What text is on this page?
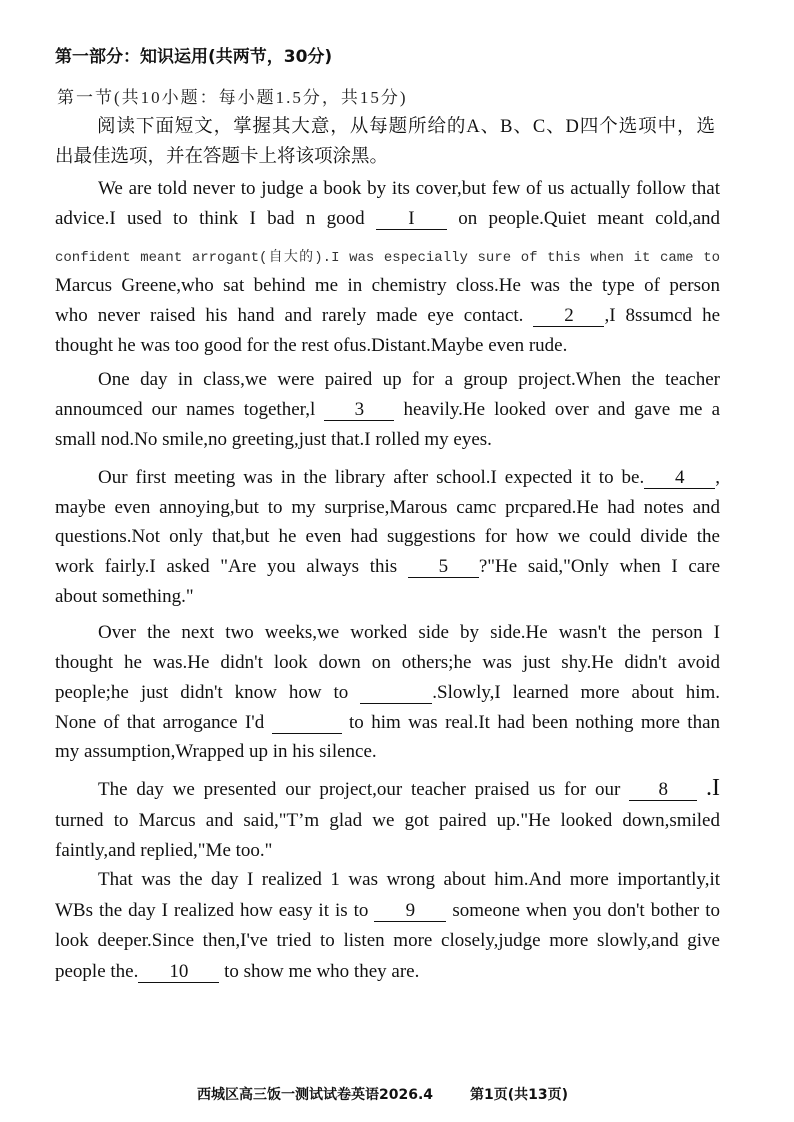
第一部分：知识运用(共两节，30分)
第一节(共10小题：每小题1.5分，共15分)
阅读下面短文，掌握其大意，从每题所给的A、B、C、D四个选项中，选
出最佳选项，并在答题卡上将该项涂黑。
We are told never to judge a book by its cover,but few of us actually follow that
advice.I used to think I bad n good I on people.Quiet meant cold,and
confident meant arrogant(自大的).I was especially sure of this when it came to
Marcus Greene,who sat behind me in chemistry closs.He was the type of person
who never raised his hand and rarely made eye contact. 2 ,I 8ssumcd he
thought he was too good for the rest ofus.Distant.Maybe even rude.
One day in class,we were paired up for a group project.When the teacher
annoumced our names together,l 3 heavily.He looked over and gave me a
small nod.No smile,no greeting,just that.I rolled my eyes.
Our first meeting was in the library after school.I expected it to be. 4 ,
maybe even annoying,but to my surprise,Marous camc prcpared.He had notes and
questions.Not only that,but he even had suggestions for how we could divide the
work fairly.I asked "Are you always this 5 ?"He said,"Only when I care
about something."
Over the next two weeks,we worked side by side.He wasn't the person I
thought he was.He didn't look down on others;he was just shy.He didn't avoid
people;he just didn't know how to	.Slowly,I learned more about him.
None of that arrogance I'd	to him was real.It had been nothing more than
my assumption,Wrapped up in his silence.
The day we presented our project,our teacher praised us for our 8 .I
turned to Marcus and said,"T’m glad we got paired up."He looked down,smiled
faintly,and replied,"Me too."
That was the day I realized 1 was wrong about him.And more importantly,it
WBs the day I realized how easy it is to 9 someone when you don't bother to
look deeper.Since then,I've tried to listen more closely,judge more slowly,and give
people the. 10 to show me who they are.
西城区高三饭一测试试卷英语2026.4	第1页(共13页)
